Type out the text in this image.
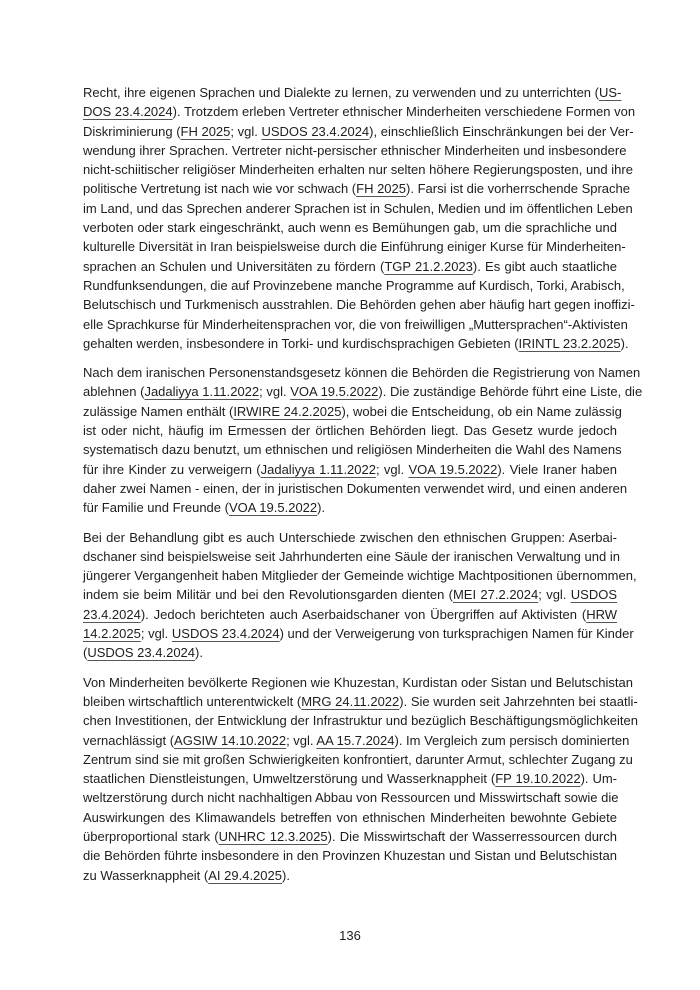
Recht, ihre eigenen Sprachen und Dialekte zu lernen, zu verwenden und zu unterrichten (US-
DOS 23.4.2024). Trotzdem erleben Vertreter ethnischer Minderheiten verschiedene Formen von
Diskriminierung (FH 2025; vgl. USDOS 23.4.2024), einschließlich Einschränkungen bei der Ver-
wendung ihrer Sprachen. Vertreter nicht-persischer ethnischer Minderheiten und insbesondere
nicht-schiitischer religiöser Minderheiten erhalten nur selten höhere Regierungsposten, und ihre
politische Vertretung ist nach wie vor schwach (FH 2025). Farsi ist die vorherrschende Sprache
im Land, und das Sprechen anderer Sprachen ist in Schulen, Medien und im öffentlichen Leben
verboten oder stark eingeschränkt, auch wenn es Bemühungen gab, um die sprachliche und
kulturelle Diversität in Iran beispielsweise durch die Einführung einiger Kurse für Minderheiten-
sprachen an Schulen und Universitäten zu fördern (TGP 21.2.2023). Es gibt auch staatliche
Rundfunksendungen, die auf Provinzebene manche Programme auf Kurdisch, Torki, Arabisch,
Belutschisch und Turkmenisch ausstrahlen. Die Behörden gehen aber häufig hart gegen inoffizi-
elle Sprachkurse für Minderheitensprachen vor, die von freiwilligen „Muttersprachen“-Aktivisten
gehalten werden, insbesondere in Torki- und kurdischsprachigen Gebieten (IRINTL 23.2.2025).
Nach dem iranischen Personenstandsgesetz können die Behörden die Registrierung von Namen
ablehnen (Jadaliyya 1.11.2022; vgl. VOA 19.5.2022). Die zuständige Behörde führt eine Liste, die
zulässige Namen enthält (IRWIRE 24.2.2025), wobei die Entscheidung, ob ein Name zulässig
ist oder nicht, häufig im Ermessen der örtlichen Behörden liegt. Das Gesetz wurde jedoch
systematisch dazu benutzt, um ethnischen und religiösen Minderheiten die Wahl des Namens
für ihre Kinder zu verweigern (Jadaliyya 1.11.2022; vgl. VOA 19.5.2022). Viele Iraner haben
daher zwei Namen - einen, der in juristischen Dokumenten verwendet wird, und einen anderen
für Familie und Freunde (VOA 19.5.2022).
Bei der Behandlung gibt es auch Unterschiede zwischen den ethnischen Gruppen: Aserbai-
dschaner sind beispielsweise seit Jahrhunderten eine Säule der iranischen Verwaltung und in
jüngerer Vergangenheit haben Mitglieder der Gemeinde wichtige Machtpositionen übernommen,
indem sie beim Militär und bei den Revolutionsgarden dienten (MEI 27.2.2024; vgl. USDOS
23.4.2024). Jedoch berichteten auch Aserbaidschaner von Übergriffen auf Aktivisten (HRW
14.2.2025; vgl. USDOS 23.4.2024) und der Verweigerung von turksprachigen Namen für Kinder
(USDOS 23.4.2024).
Von Minderheiten bevölkerte Regionen wie Khuzestan, Kurdistan oder Sistan und Belutschistan
bleiben wirtschaftlich unterentwickelt (MRG 24.11.2022). Sie wurden seit Jahrzehnten bei staatli-
chen Investitionen, der Entwicklung der Infrastruktur und bezüglich Beschäftigungsmöglichkeiten
vernachlässigt (AGSIW 14.10.2022; vgl. AA 15.7.2024). Im Vergleich zum persisch dominierten
Zentrum sind sie mit großen Schwierigkeiten konfrontiert, darunter Armut, schlechter Zugang zu
staatlichen Dienstleistungen, Umweltzerstörung und Wasserknappheit (FP 19.10.2022). Um-
weltzerstörung durch nicht nachhaltigen Abbau von Ressourcen und Misswirtschaft sowie die
Auswirkungen des Klimawandels betreffen von ethnischen Minderheiten bewohnte Gebiete
überproportional stark (UNHRC 12.3.2025). Die Misswirtschaft der Wasserressourcen durch
die Behörden führte insbesondere in den Provinzen Khuzestan und Sistan und Belutschistan
zu Wasserknappheit (AI 29.4.2025).
136
